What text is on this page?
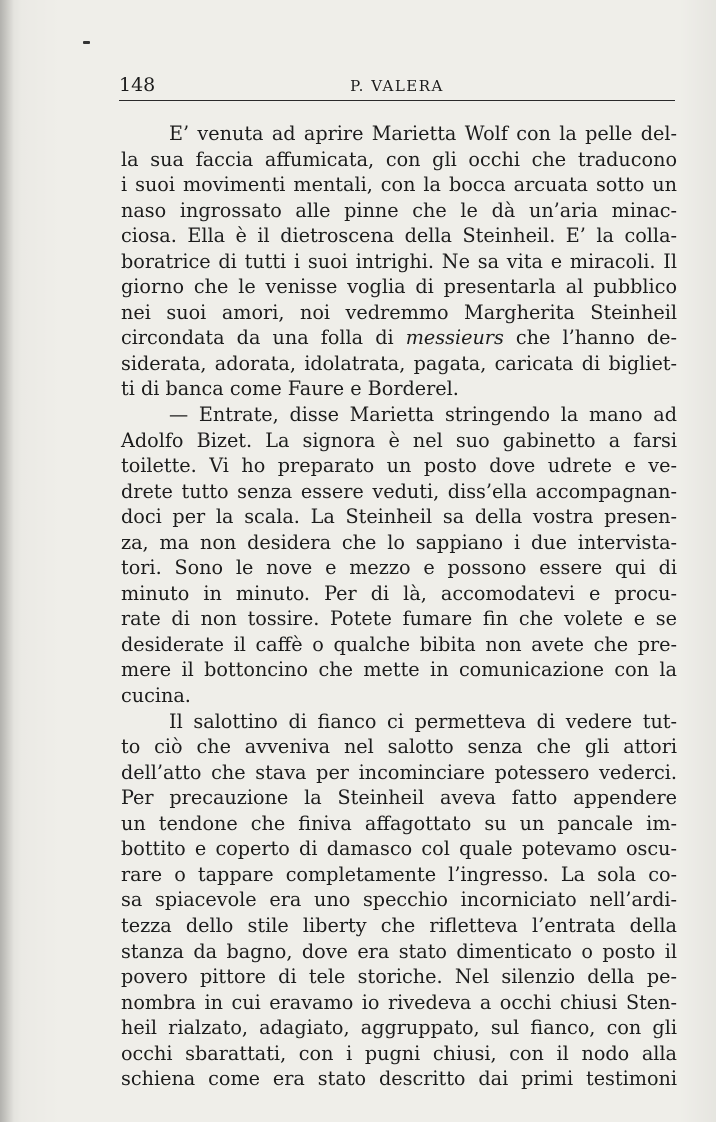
148	P. VALERA
E’ venuta ad aprire Marietta Wolf con la pelle del-
la sua faccia affumicata, con gli occhi che traducono
i suoi movimenti mentali, con la bocca arcuata sotto un
naso ingrossato alle pinne che le dà un’aria minac-
ciosa. Ella è il dietroscena della Steinheil. E’ la colla-
boratrice di tutti i suoi intrighi. Ne sa vita e miracoli. Il
giorno che le venisse voglia di presentarla al pubblico
nei suoi amori, noi vedremmo Margherita Steinheil
circondata da una folla di messieurs che l’hanno de-
siderata, adorata, idolatrata, pagata, caricata di bigliet-
ti di banca come Faure e Borderel.
— Entrate, disse Marietta stringendo la mano ad
Adolfo Bizet. La signora è nel suo gabinetto a farsi
toilette. Vi ho preparato un posto dove udrete e ve-
drete tutto senza essere veduti, diss’ella accompagnan-
doci per la scala. La Steinheil sa della vostra presen-
za, ma non desidera che lo sappiano i due intervista-
tori. Sono le nove e mezzo e possono essere qui di
minuto in minuto. Per di là, accomodatevi e procu-
rate di non tossire. Potete fumare fin che volete e se
desiderate il caffè o qualche bibita non avete che pre-
mere il bottoncino che mette in comunicazione con la
cucina.
Il salottino di fianco ci permetteva di vedere tut-
to ciò che avveniva nel salotto senza che gli attori
dell’atto che stava per incominciare potessero vederci.
Per precauzione la Steinheil aveva fatto appendere
un tendone che finiva affagottato su un pancale im-
bottito e coperto di damasco col quale potevamo oscu-
rare o tappare completamente l’ingresso. La sola co-
sa spiacevole era uno specchio incorniciato nell’ardi-
tezza dello stile liberty che rifletteva l’entrata della
stanza da bagno, dove era stato dimenticato o posto il
povero pittore di tele storiche. Nel silenzio della pe-
nombra in cui eravamo io rivedeva a occhi chiusi Sten-
heil rialzato, adagiato, aggruppato, sul fianco, con gli
occhi sbarattati, con i pugni chiusi, con il nodo alla
schiena come era stato descritto dai primi testimoni
